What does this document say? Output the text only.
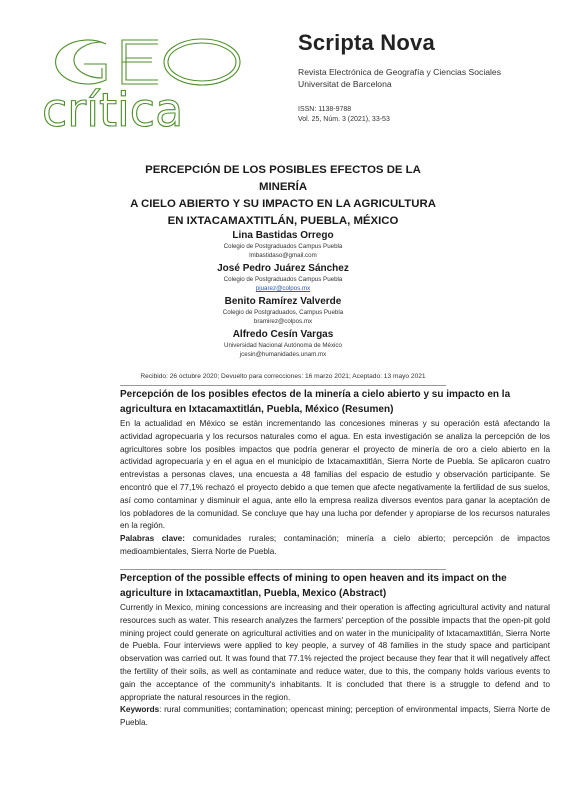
crítica
Scripta Nova
Revista Electrónica de Geografía y Ciencias Sociales
Universitat de Barcelona
ISSN: 1138-9788
Vol. 25, Núm. 3 (2021), 33-53
PERCEPCIÓN DE LOS POSIBLES EFECTOS DE LA MINERÍA
A CIELO ABIERTO Y SU IMPACTO EN LA AGRICULTURA
EN IXTACAMAXTITLÁN, PUEBLA, MÉXICO
Lina Bastidas Orrego
Colegio de Postgraduados Campus Puebla
lmbastidaso@gmail.com
José Pedro Juárez Sánchez
Colegio de Postgraduados Campus Puebla
pjuarez@colpos.mx
Benito Ramírez Valverde
Colegio de Postgraduados, Campus Puebla
bramirez@colpos.mx
Alfredo Cesín Vargas
Universidad Nacional Autónoma de México
jcesin@humanidades.unam.mx
Recibido: 26 octubre 2020; Devuelto para correcciones: 16 marzo 2021; Aceptado: 13 mayo 2021
Percepción de los posibles efectos de la minería a cielo abierto y su impacto en la agricultura en Ixtacamaxtitlán, Puebla, México (Resumen)
En la actualidad en México se están incrementando las concesiones mineras y su operación está afectando la actividad agropecuaria y los recursos naturales como el agua. En esta investigación se analiza la percepción de los agricultores sobre los posibles impactos que podría generar el proyecto de minería de oro a cielo abierto en la actividad agropecuaria y en el agua en el municipio de Ixtacamaxtitlán, Sierra Norte de Puebla. Se aplicaron cuatro entrevistas a personas claves, una encuesta a 48 familias del espacio de estudio y observación participante. Se encontró que el 77,1% rechazó el proyecto debido a que temen que afecte negativamente la fertilidad de sus suelos, así como contaminar y disminuir el agua, ante ello la empresa realiza diversos eventos para ganar la aceptación de los pobladores de la comunidad. Se concluye que hay una lucha por defender y apropiarse de los recursos naturales en la región.
Palabras clave: comunidades rurales; contaminación; minería a cielo abierto; percepción de impactos medioambientales, Sierra Norte de Puebla.
Perception of the possible effects of mining to open heaven and its impact on the agriculture in Ixtacamaxtitlan, Puebla, Mexico (Abstract)
Currently in Mexico, mining concessions are increasing and their operation is affecting agricultural activity and natural resources such as water. This research analyzes the farmers' perception of the possible impacts that the open-pit gold mining project could generate on agricultural activities and on water in the municipality of Ixtacamaxtitlán, Sierra Norte de Puebla. Four interviews were applied to key people, a survey of 48 families in the study space and participant observation was carried out. It was found that 77.1% rejected the project because they fear that it will negatively affect the fertility of their soils, as well as contaminate and reduce water, due to this, the company holds various events to gain the acceptance of the community's inhabitants. It is concluded that there is a struggle to defend and to appropriate the natural resources in the region.
Keywords: rural communities; contamination; opencast mining; perception of environmental impacts, Sierra Norte de Puebla.
